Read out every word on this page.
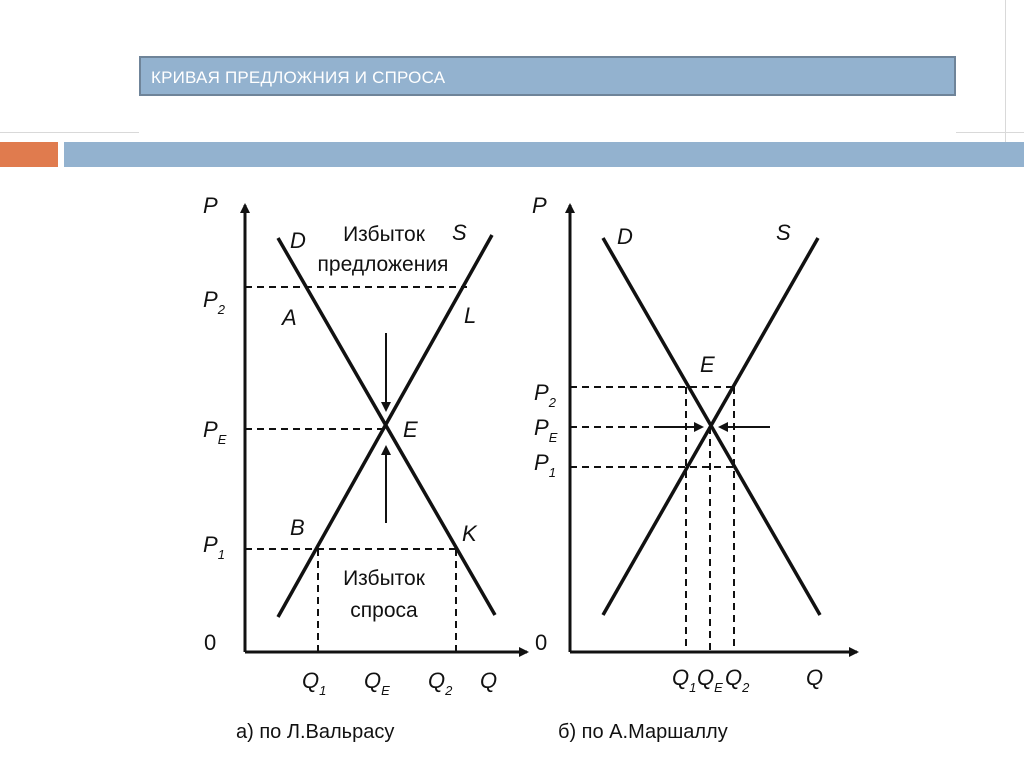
КРИВАЯ ПРЕДЛОЖНИЯ И СПРОСА
P
Q
0
D	S
A	L
E
B	K
$P_2$
$P_E$
$P_1$
$Q_1$ $Q_E$ $Q_2$
Избыток
предложения
Избыток
спроса
а) по Л.Вальрасу
P
Q
0
D	S
E
$P_2$
$P_E$
$P_1$
$Q_1$ $Q_E$ $Q_2$
б) по А.Маршаллу
